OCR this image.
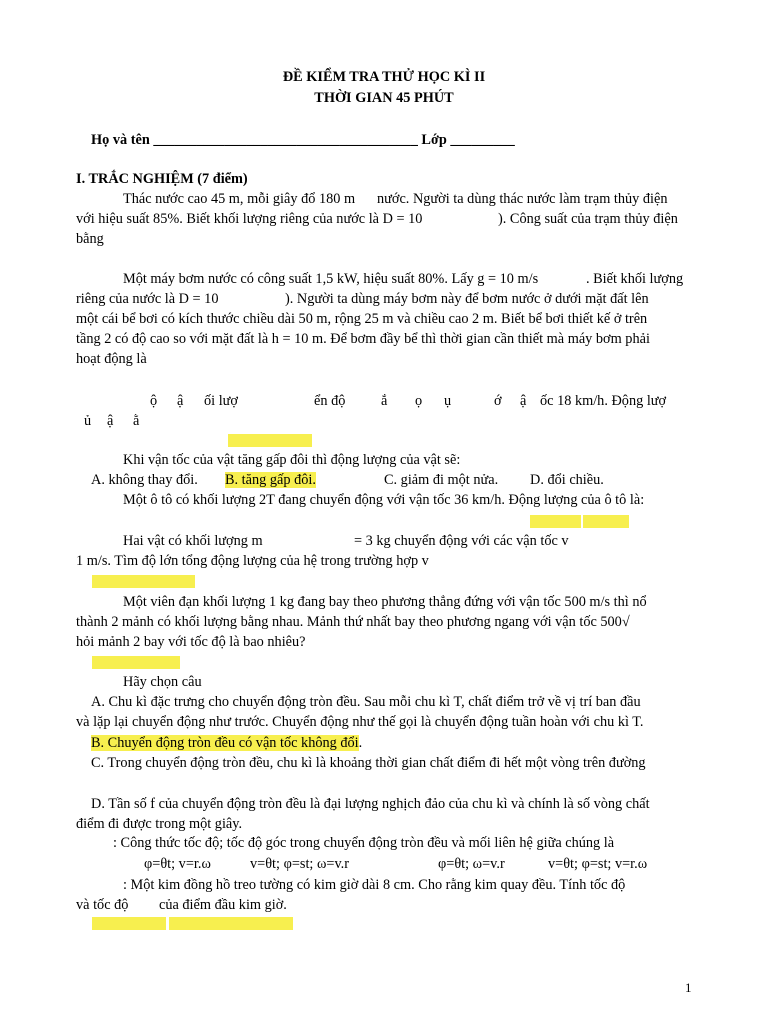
ĐỀ KIỂM TRA THỬ HỌC KÌ II
THỜI GIAN 45 PHÚT
Họ và tên _____________________________________ Lớp _________
I. TRẮC NGHIỆM (7 điểm)
Thác nước cao 45 m, mỗi giây đổ 180 m nước. Người ta dùng thác nước làm trạm thủy điện
với hiệu suất 85%. Biết khối lượng riêng của nước là D = 10	). Công suất của trạm thủy điện
bằng
Một máy bơm nước có công suất 1,5 kW, hiệu suất 80%. Lấy g = 10 m/s	. Biết khối lượng
riêng của nước là D = 10	). Người ta dùng máy bơm này để bơm nước ở dưới mặt đất lên
một cái bể bơi có kích thước chiều dài 50 m, rộng 25 m và chiều cao 2 m. Biết bể bơi thiết kế ở trên
tầng 2 có độ cao so với mặt đất là h = 10 m. Để bơm đầy bể thì thời gian cần thiết mà máy bơm phải
hoạt động là
ộ ậ ối lượ	ển độ ắ ọ ụ	ớ ậ ốc 18 km/h. Động lượ
ủ ậ ằ
Khi vận tốc của vật tăng gấp đôi thì động lượng của vật sẽ:
A. không thay đổi. B. tăng gấp đôi.	C. giảm đi một nửa. D. đổi chiều.
Một ô tô có khối lượng 2T đang chuyển động với vận tốc 36 km/h. Động lượng của ô tô là:
Hai vật có khối lượng m	= 3 kg chuyển động với các vận tốc v
1 m/s. Tìm độ lớn tổng động lượng của hệ trong trường hợp v
Một viên đạn khối lượng 1 kg đang bay theo phương thẳng đứng với vận tốc 500 m/s thì nổ
thành 2 mảnh có khối lượng bằng nhau. Mảnh thứ nhất bay theo phương ngang với vận tốc 500√
hỏi mảnh 2 bay với tốc độ là bao nhiêu?
Hãy chọn câu
A. Chu kì đặc trưng cho chuyển động tròn đều. Sau mỗi chu kì T, chất điểm trở về vị trí ban đầu
và lặp lại chuyển động như trước. Chuyển động như thế gọi là chuyển động tuần hoàn với chu kì T.
B. Chuyển động tròn đều có vận tốc không đổi.
C. Trong chuyển động tròn đều, chu kì là khoảng thời gian chất điểm đi hết một vòng trên đường
D. Tần số f của chuyển động tròn đều là đại lượng nghịch đảo của chu kì và chính là số vòng chất
điểm đi được trong một giây.
: Công thức tốc độ; tốc độ góc trong chuyển động tròn đều và mối liên hệ giữa chúng là
φ=θt; v=r.ω	v=θt; φ=st; ω=v.r	φ=θt; ω=v.r	v=θt; φ=st; v=r.ω
: Một kim đồng hồ treo tường có kim giờ dài 8 cm. Cho rằng kim quay đều. Tính tốc độ
và tốc độ của điểm đầu kim giờ.
1
